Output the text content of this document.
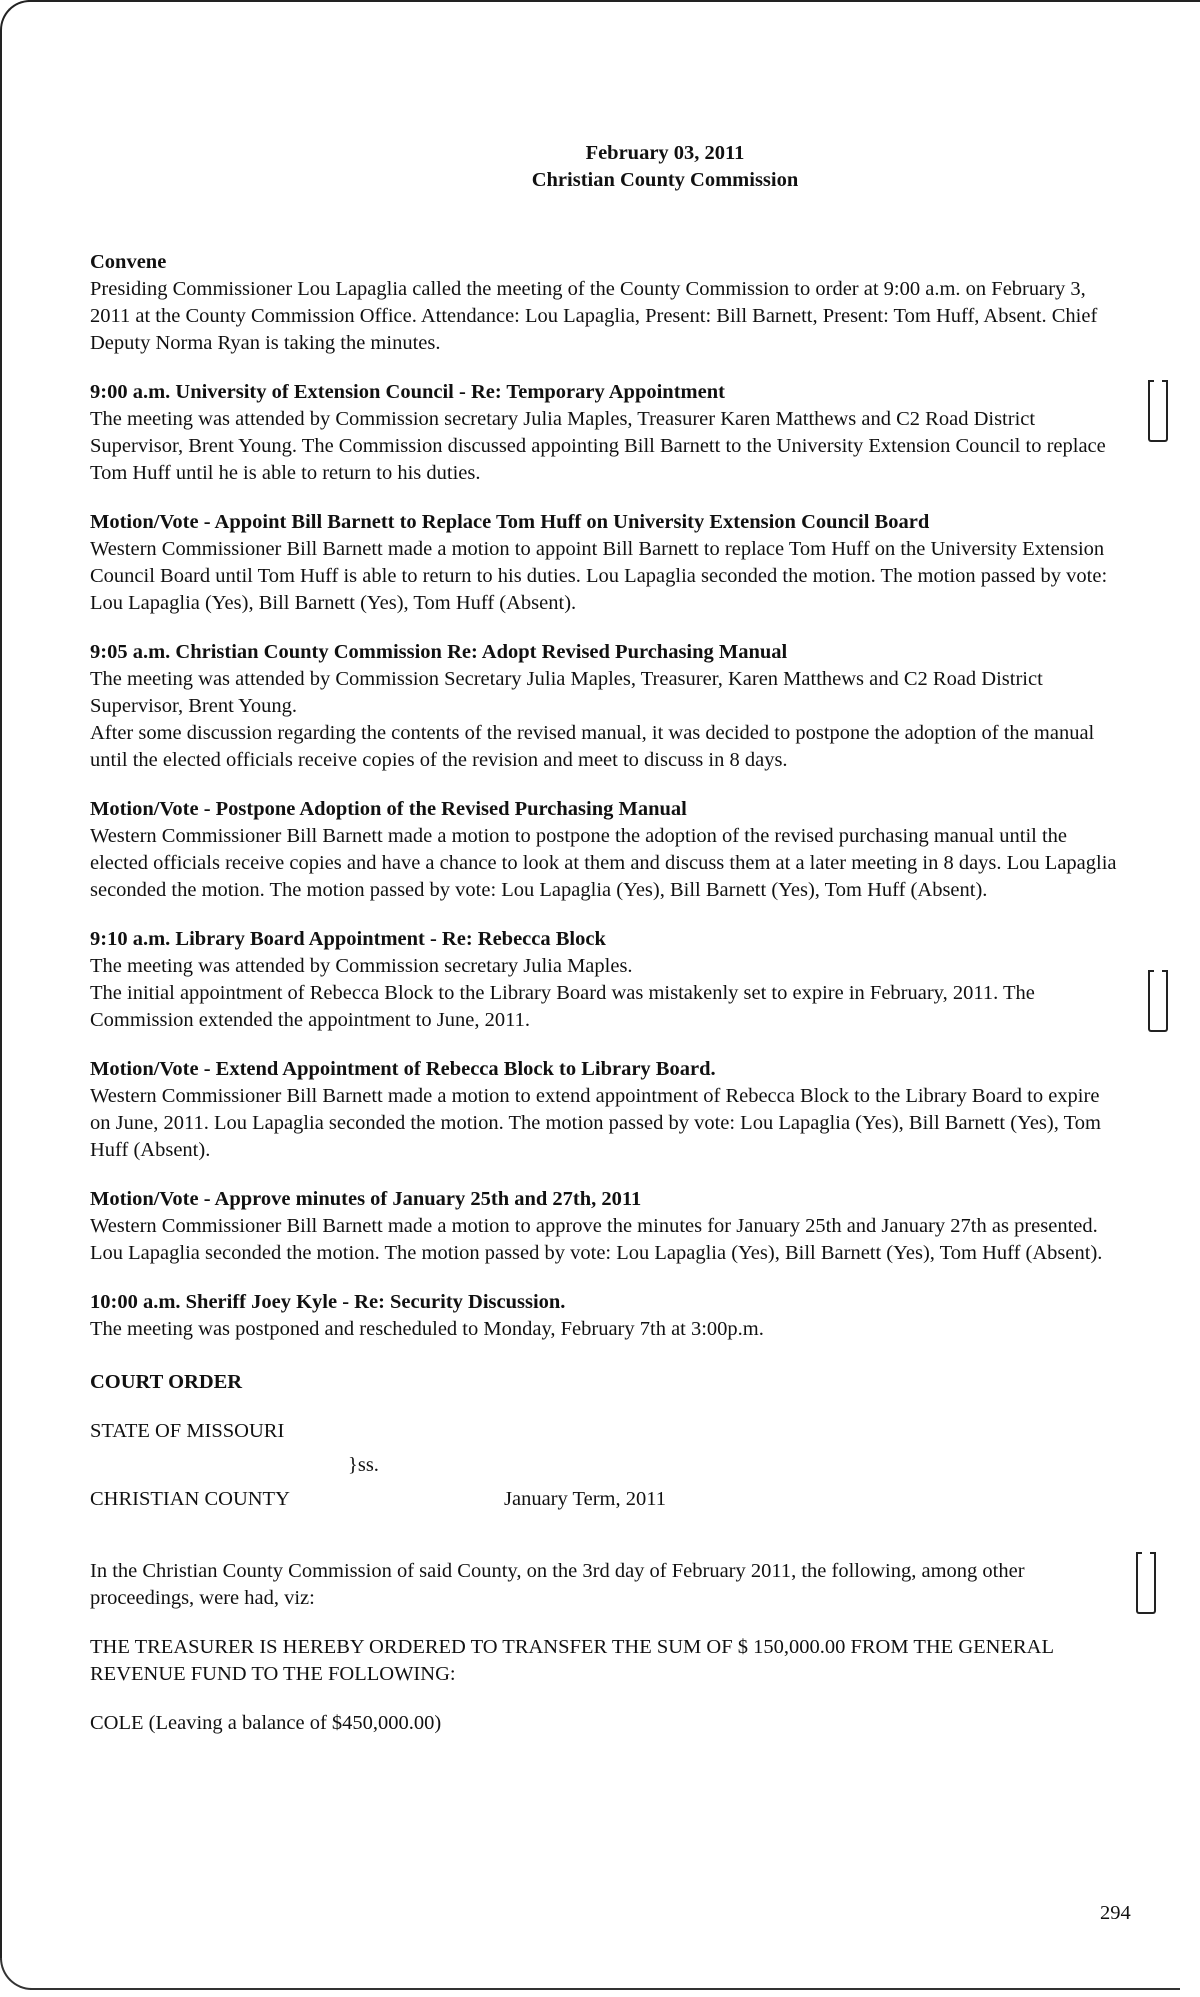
February 03, 2011
Christian County Commission
Convene

Presiding Commissioner Lou Lapaglia called the meeting of the County Commission to order at 9:00 a.m. on February 3, 2011 at the County Commission Office. Attendance: Lou Lapaglia, Present: Bill Barnett, Present: Tom Huff, Absent. Chief Deputy Norma Ryan is taking the minutes.

9:00 a.m. University of Extension Council - Re: Temporary Appointment

The meeting was attended by Commission secretary Julia Maples, Treasurer Karen Matthews and C2 Road District Supervisor, Brent Young. The Commission discussed appointing Bill Barnett to the University Extension Council to replace Tom Huff until he is able to return to his duties.

Motion/Vote - Appoint Bill Barnett to Replace Tom Huff on University Extension Council Board

Western Commissioner Bill Barnett made a motion to appoint Bill Barnett to replace Tom Huff on the University Extension Council Board until Tom Huff is able to return to his duties. Lou Lapaglia seconded the motion. The motion passed by vote: Lou Lapaglia (Yes), Bill Barnett (Yes), Tom Huff (Absent).

9:05 a.m. Christian County Commission Re: Adopt Revised Purchasing Manual

The meeting was attended by Commission Secretary Julia Maples, Treasurer, Karen Matthews and C2 Road District Supervisor, Brent Young.

After some discussion regarding the contents of the revised manual, it was decided to postpone the adoption of the manual until the elected officials receive copies of the revision and meet to discuss in 8 days.

Motion/Vote - Postpone Adoption of the Revised Purchasing Manual

Western Commissioner Bill Barnett made a motion to postpone the adoption of the revised purchasing manual until the elected officials receive copies and have a chance to look at them and discuss them at a later meeting in 8 days. Lou Lapaglia seconded the motion. The motion passed by vote: Lou Lapaglia (Yes), Bill Barnett (Yes), Tom Huff (Absent).

9:10 a.m. Library Board Appointment - Re: Rebecca Block

The meeting was attended by Commission secretary Julia Maples.

The initial appointment of Rebecca Block to the Library Board was mistakenly set to expire in February, 2011. The Commission extended the appointment to June, 2011.

Motion/Vote - Extend Appointment of Rebecca Block to Library Board.

Western Commissioner Bill Barnett made a motion to extend appointment of Rebecca Block to the Library Board to expire on June, 2011. Lou Lapaglia seconded the motion. The motion passed by vote: Lou Lapaglia (Yes), Bill Barnett (Yes), Tom Huff (Absent).

Motion/Vote - Approve minutes of January 25th and 27th, 2011

Western Commissioner Bill Barnett made a motion to approve the minutes for January 25th and January 27th as presented. Lou Lapaglia seconded the motion. The motion passed by vote: Lou Lapaglia (Yes), Bill Barnett (Yes), Tom Huff (Absent).

10:00 a.m. Sheriff Joey Kyle - Re: Security Discussion.

The meeting was postponed and rescheduled to Monday, February 7th at 3:00p.m.

COURT ORDER
STATE OF MISSOURI
}ss.
CHRISTIAN COUNTY	January Term, 2011

In the Christian County Commission of said County, on the 3rd day of February 2011, the following, among other proceedings, were had, viz:

THE TREASURER IS HEREBY ORDERED TO TRANSFER THE SUM OF $ 150,000.00 FROM THE GENERAL REVENUE FUND TO THE FOLLOWING:

COLE (Leaving a balance of $450,000.00)

294
